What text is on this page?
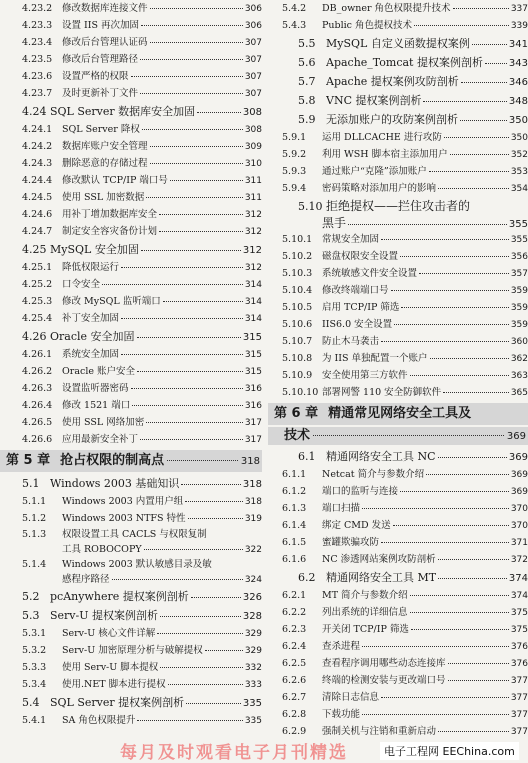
4.23.2	修改数据库连接文件	306
4.23.3	设置 IIS 再次加固	306
4.23.4	修改后台管理认证码	307
4.23.5	修改后台管理路径	307
4.23.6	设置严格的权限	307
4.23.7	及时更新补丁文件	307
4.24 SQL Server 数据库安全加固	308
4.24.1	SQL Server 降权	308
4.24.2	数据库账户安全管理	309
4.24.3	删除恶意的存储过程	310
4.24.4	修改默认 TCP/IP 端口号	311
4.24.5	使用 SSL 加密数据	311
4.24.6	用补丁增加数据库安全	312
4.24.7	制定安全容灾备份计划	312
4.25 MySQL 安全加固	312
4.25.1	降低权限运行	312
4.25.2	口令安全	314
4.25.3	修改 MySQL 监听端口	314
4.25.4	补丁安全加固	314
4.26 Oracle 安全加固	315
4.26.1	系统安全加固	315
4.26.2	Oracle 账户安全	315
4.26.3	设置监听器密码	316
4.26.4	修改 1521 端口	316
4.26.5	使用 SSL 网络加密	317
4.26.6	应用最新安全补丁	317
第 5 章 抢占权限的制高点	318
5.1 Windows 2003 基础知识	318
5.1.1	Windows 2003 内置用户组	318
5.1.2	Windows 2003 NTFS 特性	319
5.1.3	权限设置工具 CACLS 与权限复制
工具 ROBOCOPY	322
5.1.4	Windows 2003 默认敏感目录及敏
感程序路径	324
5.2 pcAnywhere 提权案例剖析	326
5.3 Serv-U 提权案例剖析	328
5.3.1	Serv-U 核心文件详解	329
5.3.2	Serv-U 加密原理分析与破解提权	329
5.3.3	使用 Serv-U 脚本提权	332
5.3.4	使用.NET 脚本进行提权	333
5.4 SQL Server 提权案例剖析	335
5.4.1	SA 角色权限提升	335
5.4.2	DB_owner 角色权限提升技术	337
5.4.3	Public 角色提权技术	339
5.5 MySQL 自定义函数提权案例	341
5.6 Apache_Tomcat 提权案例剖析	343
5.7 Apache 提权案例攻防剖析	346
5.8 VNC 提权案例剖析	348
5.9 无添加账户的攻防案例剖析	350
5.9.1	运用 DLLCACHE 进行攻防	350
5.9.2	利用 WSH 脚本宿主添加用户	352
5.9.3	通过账户“克隆”添加账户	353
5.9.4	密码策略对添加用户的影响	354
5.10 拒绝提权——拦住攻击者的
黑手	355
5.10.1	常规安全加固	355
5.10.2	磁盘权限安全设置	356
5.10.3	系统敏感文件安全设置	357
5.10.4	修改终端端口号	359
5.10.5	启用 TCP/IP 筛选	359
5.10.6	IIS6.0 安全设置	359
5.10.7	防止木马袭击	360
5.10.8	为 IIS 单独配置一个账户	362
5.10.9	安全使用第三方软件	363
5.10.10 部署网警 110 安全防御软件	365
第 6 章 精通常见网络安全工具及
技术	369
6.1 精通网络安全工具 NC	369
6.1.1	Netcat 简介与参数介绍	369
6.1.2	端口的监听与连接	369
6.1.3	端口扫描	370
6.1.4	绑定 CMD 发送	370
6.1.5	蜜罐欺骗攻防	371
6.1.6	NC 渗透网站案例攻防剖析	372
6.2 精通网络安全工具 MT	374
6.2.1	MT 简介与参数介绍	374
6.2.2	列出系统的详细信息	375
6.2.3	开关闭 TCP/IP 筛选	375
6.2.4	查杀进程	376
6.2.5	查看程序调用哪些动态连接库	376
6.2.6	终端的检测安装与更改端口号	377
6.2.7	清除日志信息	377
6.2.8	下载功能	377
6.2.9	强制关机与注销和重新启动	377
每月及时观看电子月刊精选	电子工程网 EEChina.com
